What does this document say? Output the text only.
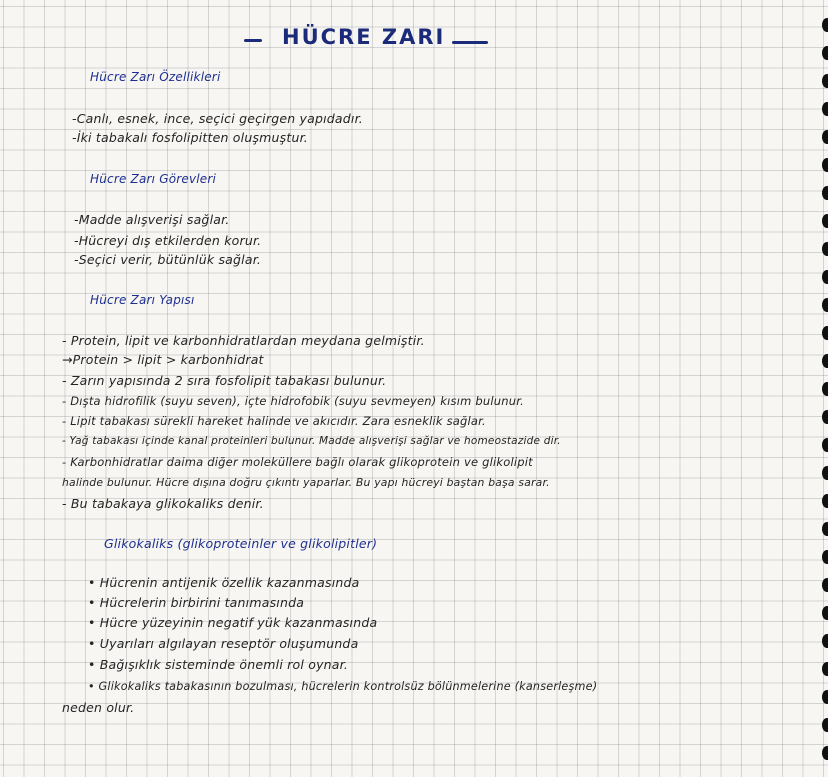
HÜCRE ZARI
Hücre Zarı Özellikleri
-Canlı, esnek, ince, seçici geçirgen yapıdadır.
-İki tabakalı fosfolipitten oluşmuştur.
Hücre Zarı Görevleri
-Madde alışverişi sağlar.
-Hücreyi dış etkilerden korur.
-Seçici verir, bütünlük sağlar.
Hücre Zarı Yapısı
- Protein, lipit ve karbonhidratlardan meydana gelmiştir.
→Protein > lipit > karbonhidrat
- Zarın yapısında 2 sıra fosfolipit tabakası bulunur.
- Dışta hidrofilik (suyu seven), içte hidrofobik (suyu sevmeyen) kısım bulunur.
- Lipit tabakası sürekli hareket halinde ve akıcıdır. Zara esneklik sağlar.
- Yağ tabakası içinde kanal proteinleri bulunur. Madde alışverişi sağlar ve homeostazide dir.
- Karbonhidratlar daima diğer moleküllere bağlı olarak glikoprotein ve glikolipit
halinde bulunur. Hücre dışına doğru çıkıntı yaparlar. Bu yapı hücreyi baştan başa sarar.
- Bu tabakaya glikokaliks denir.
Glikokaliks (glikoproteinler ve glikolipitler)
• Hücrenin antijenik özellik kazanmasında
• Hücrelerin birbirini tanımasında
• Hücre yüzeyinin negatif yük kazanmasında
• Uyarıları algılayan reseptör oluşumunda
• Bağışıklık sisteminde önemli rol oynar.
• Glikokaliks tabakasının bozulması, hücrelerin kontrolsüz bölünmelerine (kanserleşme)
neden olur.
